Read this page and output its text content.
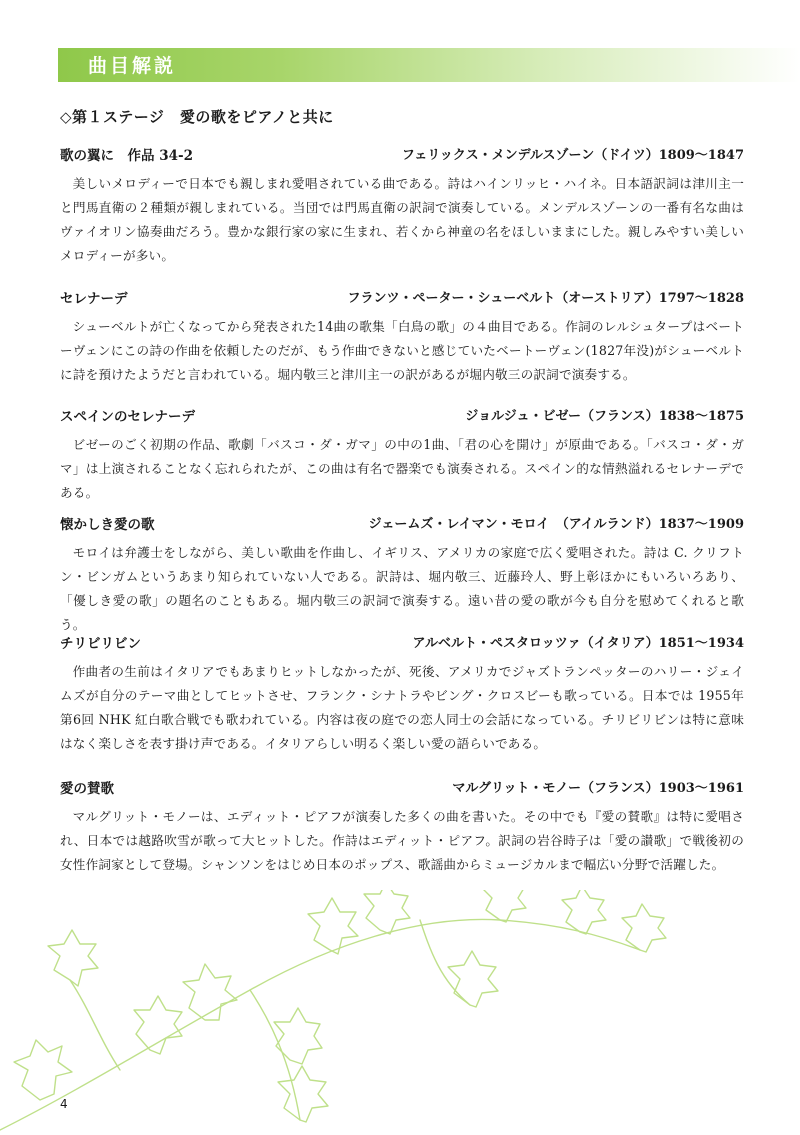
曲目解説
◇第１ステージ　愛の歌をピアノと共に
歌の翼に　作品 34-2	フェリックス・メンデルスゾーン（ドイツ）1809〜1847

美しいメロディーで日本でも親しまれ愛唱されている曲である。詩はハインリッヒ・ハイネ。日本語訳詞は津川主一と門馬直衛の２種類が親しまれている。当団では門馬直衛の訳詞で演奏している。メンデルスゾーンの一番有名な曲はヴァイオリン協奏曲だろう。豊かな銀行家の家に生まれ、若くから神童の名をほしいままにした。親しみやすい美しいメロディーが多い。

セレナーデ	フランツ・ペーター・シューベルト（オーストリア）1797〜1828

シューベルトが亡くなってから発表された14曲の歌集「白鳥の歌」の４曲目である。作詞のレルシュタープはベートーヴェンにこの詩の作曲を依頼したのだが、もう作曲できないと感じていたベートーヴェン(1827年没)がシューベルトに詩を預けたようだと言われている。堀内敬三と津川主一の訳があるが堀内敬三の訳詞で演奏する。

スペインのセレナーデ	ジョルジュ・ビゼー（フランス）1838〜1875

ビゼーのごく初期の作品、歌劇「バスコ・ダ・ガマ」の中の1曲、「君の心を開け」が原曲である。「バスコ・ダ・ガマ」は上演されることなく忘れられたが、この曲は有名で器楽でも演奏される。スペイン的な情熱溢れるセレナーデである。

懐かしき愛の歌	ジェームズ・レイマン・モロイ　（アイルランド）1837〜1909

モロイは弁護士をしながら、美しい歌曲を作曲し、イギリス、アメリカの家庭で広く愛唱された。詩は C. クリフトン・ビンガムというあまり知られていない人である。訳詩は、堀内敬三、近藤玲人、野上彰ほかにもいろいろあり、「優しき愛の歌」の題名のこともある。堀内敬三の訳詞で演奏する。遠い昔の愛の歌が今も自分を慰めてくれると歌う。

チリビリビン	アルベルト・ペスタロッツァ（イタリア）1851〜1934

作曲者の生前はイタリアでもあまりヒットしなかったが、死後、アメリカでジャズトランペッターのハリー・ジェイムズが自分のテーマ曲としてヒットさせ、フランク・シナトラやビング・クロスビーも歌っている。日本では 1955年第6回 NHK 紅白歌合戦でも歌われている。内容は夜の庭での恋人同士の会話になっている。チリビリビンは特に意味はなく楽しさを表す掛け声である。イタリアらしい明るく楽しい愛の語らいである。

愛の賛歌	マルグリット・モノー（フランス）1903〜1961

マルグリット・モノーは、エディット・ピアフが演奏した多くの曲を書いた。その中でも『愛の賛歌』は特に愛唱され、日本では越路吹雪が歌って大ヒットした。作詩はエディット・ピアフ。訳詞の岩谷時子は「愛の讃歌」で戦後初の女性作詞家として登場。シャンソンをはじめ日本のポップス、歌謡曲からミュージカルまで幅広い分野で活躍した。

4
